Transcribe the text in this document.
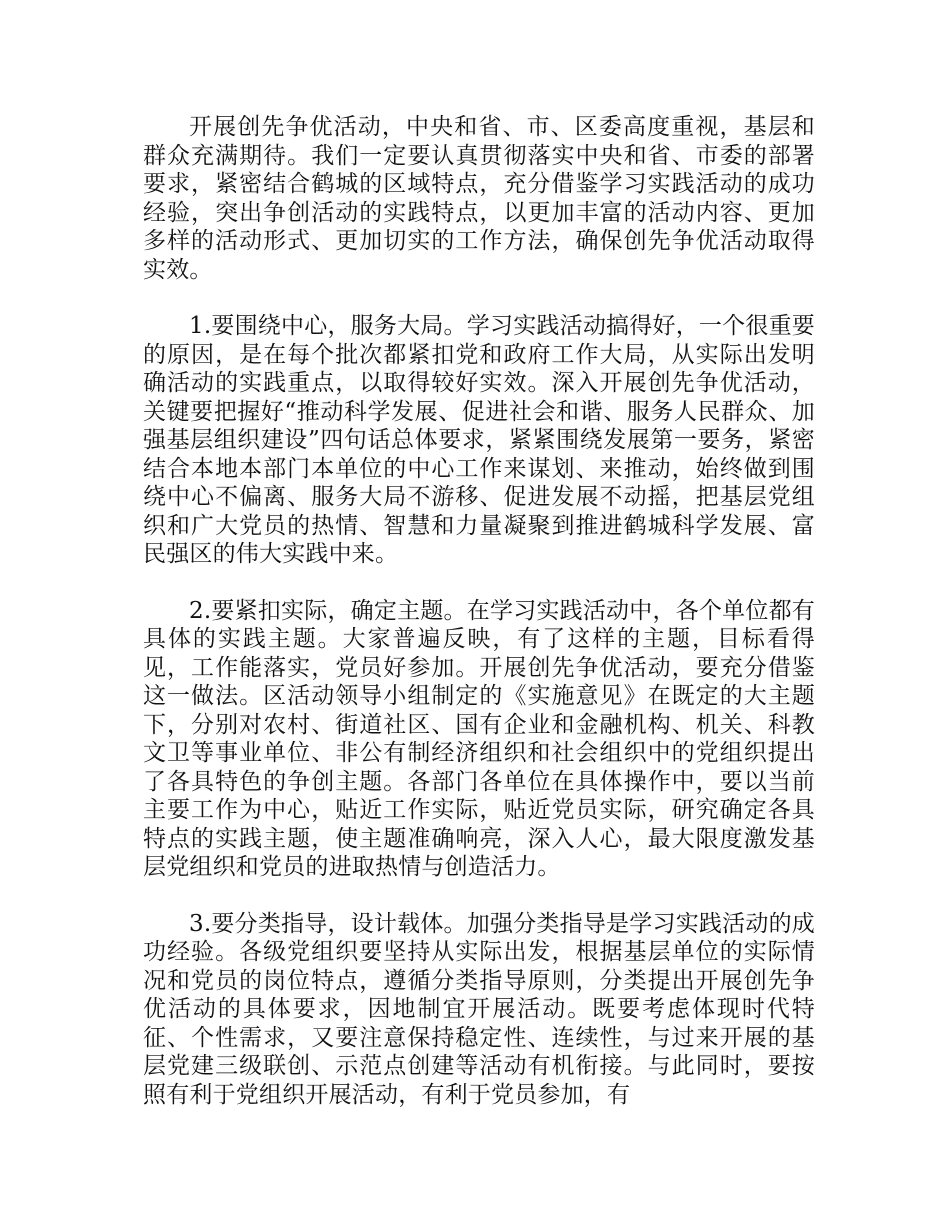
开展创先争优活动，中央和省、市、区委高度重视，基层和群众充满期待。我们一定要认真贯彻落实中央和省、市委的部署要求，紧密结合鹤城的区域特点，充分借鉴学习实践活动的成功经验，突出争创活动的实践特点，以更加丰富的活动内容、更加多样的活动形式、更加切实的工作方法，确保创先争优活动取得实效。

1.要围绕中心，服务大局。学习实践活动搞得好，一个很重要的原因，是在每个批次都紧扣党和政府工作大局，从实际出发明确活动的实践重点，以取得较好实效。深入开展创先争优活动，关键要把握好“推动科学发展、促进社会和谐、服务人民群众、加强基层组织建设”四句话总体要求，紧紧围绕发展第一要务，紧密结合本地本部门本单位的中心工作来谋划、来推动，始终做到围绕中心不偏离、服务大局不游移、促进发展不动摇，把基层党组织和广大党员的热情、智慧和力量凝聚到推进鹤城科学发展、富民强区的伟大实践中来。

2.要紧扣实际，确定主题。在学习实践活动中，各个单位都有具体的实践主题。大家普遍反映，有了这样的主题，目标看得见，工作能落实，党员好参加。开展创先争优活动，要充分借鉴这一做法。区活动领导小组制定的《实施意见》在既定的大主题下，分别对农村、街道社区、国有企业和金融机构、机关、科教文卫等事业单位、非公有制经济组织和社会组织中的党组织提出了各具特色的争创主题。各部门各单位在具体操作中，要以当前主要工作为中心，贴近工作实际，贴近党员实际，研究确定各具特点的实践主题，使主题准确响亮，深入人心，最大限度激发基层党组织和党员的进取热情与创造活力。

3.要分类指导，设计载体。加强分类指导是学习实践活动的成功经验。各级党组织要坚持从实际出发，根据基层单位的实际情况和党员的岗位特点，遵循分类指导原则，分类提出开展创先争优活动的具体要求，因地制宜开展活动。既要考虑体现时代特征、个性需求，又要注意保持稳定性、连续性，与过来开展的基层党建三级联创、示范点创建等活动有机衔接。与此同时，要按照有利于党组织开展活动，有利于党员参加，有
